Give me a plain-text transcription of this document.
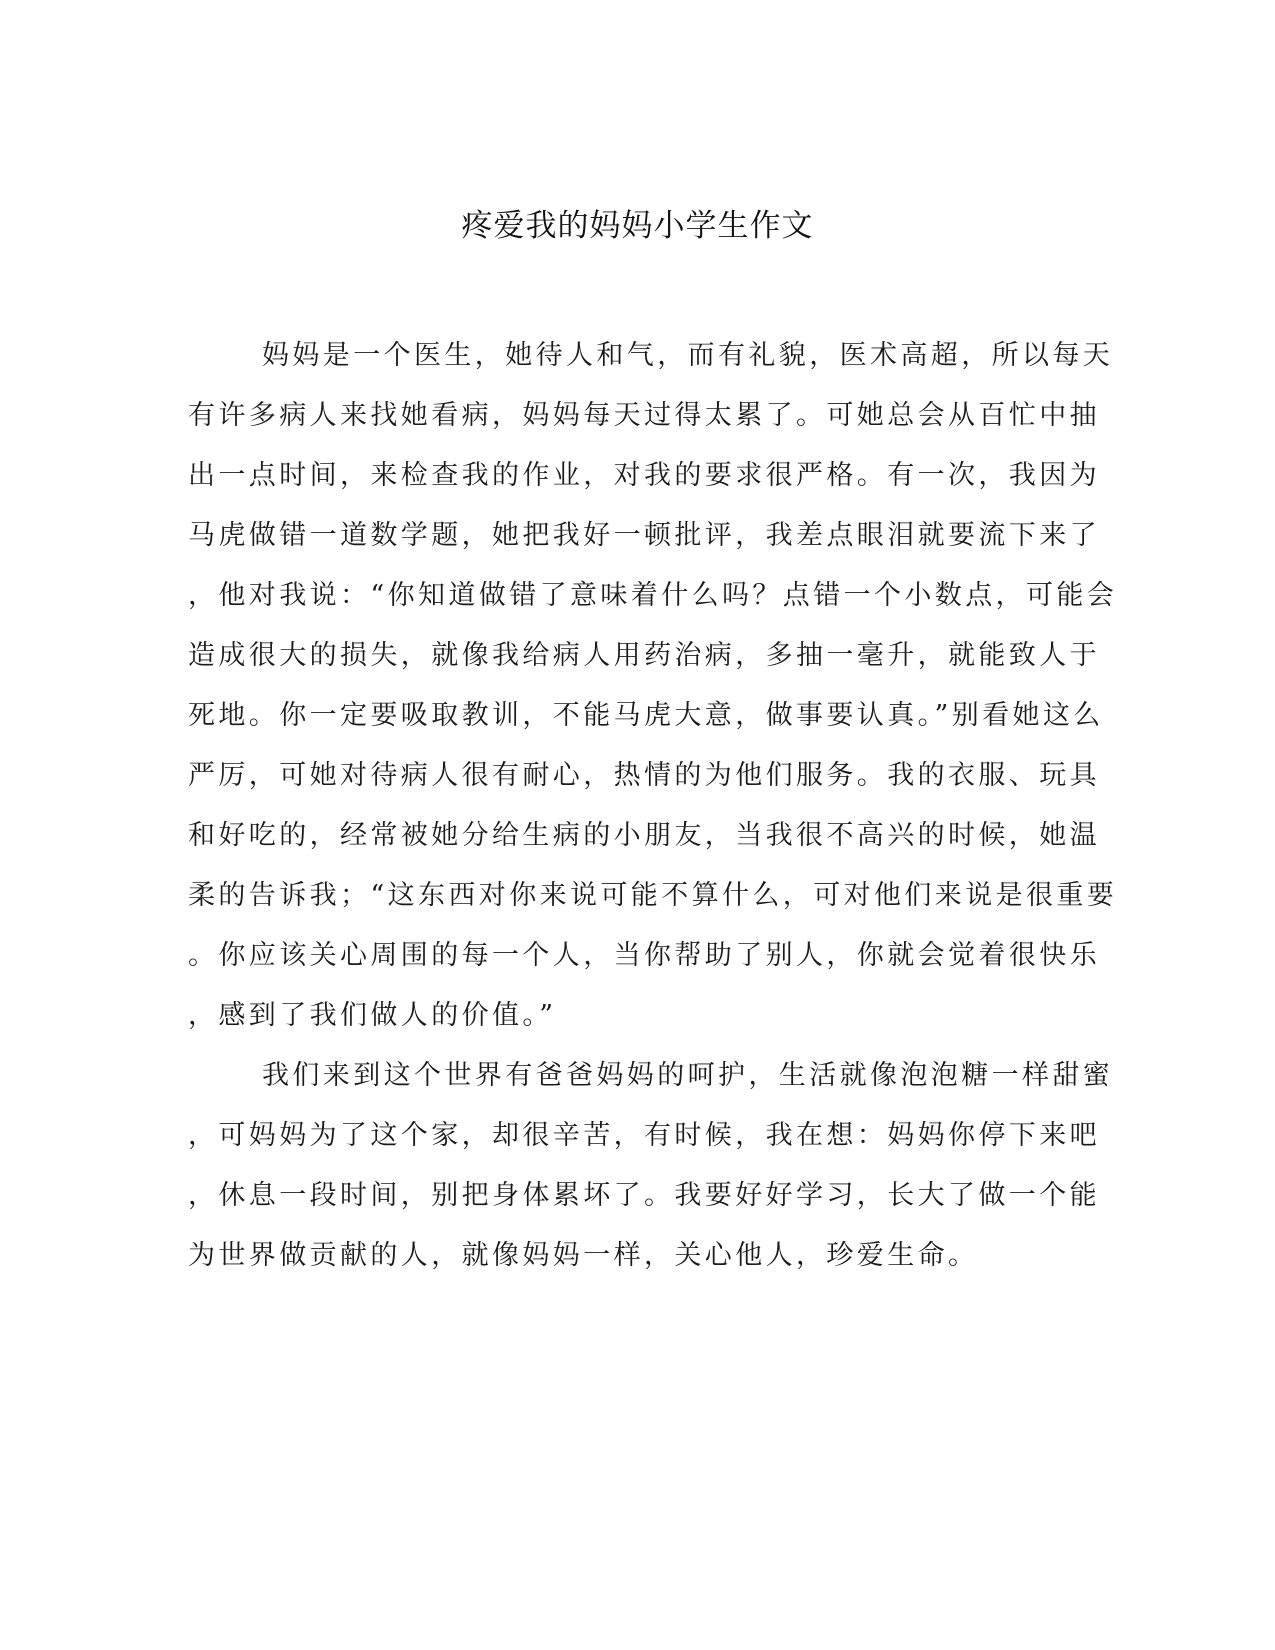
疼爱我的妈妈小学生作文
妈妈是一个医生，她待人和气，而有礼貌，医术高超，所以每天
有许多病人来找她看病，妈妈每天过得太累了。可她总会从百忙中抽
出一点时间，来检查我的作业，对我的要求很严格。有一次，我因为
马虎做错一道数学题，她把我好一顿批评，我差点眼泪就要流下来了
，他对我说：“你知道做错了意味着什么吗？点错一个小数点，可能会
造成很大的损失，就像我给病人用药治病，多抽一毫升，就能致人于
死地。你一定要吸取教训，不能马虎大意，做事要认真。”别看她这么
严厉，可她对待病人很有耐心，热情的为他们服务。我的衣服、玩具
和好吃的，经常被她分给生病的小朋友，当我很不高兴的时候，她温
柔的告诉我；“这东西对你来说可能不算什么，可对他们来说是很重要
。你应该关心周围的每一个人，当你帮助了别人，你就会觉着很快乐
，感到了我们做人的价值。”
我们来到这个世界有爸爸妈妈的呵护，生活就像泡泡糖一样甜蜜
，可妈妈为了这个家，却很辛苦，有时候，我在想：妈妈你停下来吧
，休息一段时间，别把身体累坏了。我要好好学习，长大了做一个能
为世界做贡献的人，就像妈妈一样，关心他人，珍爱生命。
